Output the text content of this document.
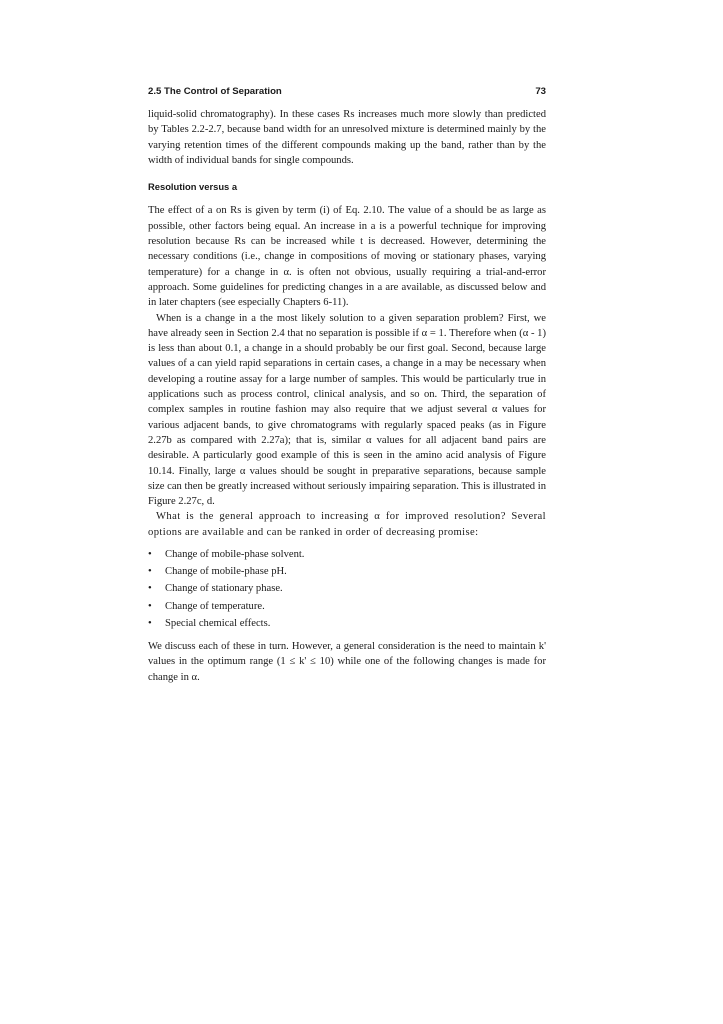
2.5 The Control of Separation	73

liquid-solid chromatography). In these cases Rs increases much more slowly than predicted by Tables 2.2-2.7, because band width for an unresolved mixture is determined mainly by the varying retention times of the different compounds making up the band, rather than by the width of individual bands for single compounds.

Resolution versus a

The effect of a on Rs is given by term (i) of Eq. 2.10. The value of a should be as large as possible, other factors being equal. An increase in a is a powerful technique for improving resolution because Rs can be increased while t is decreased. However, determining the necessary conditions (i.e., change in compositions of moving or stationary phases, varying temperature) for a change in α. is often not obvious, usually requiring a trial-and-error approach. Some guidelines for predicting changes in a are available, as discussed below and in later chapters (see especially Chapters 6-11).

When is a change in a the most likely solution to a given separation problem? First, we have already seen in Section 2.4 that no separation is possible if α = 1. Therefore when (α - 1) is less than about 0.1, a change in a should probably be our first goal. Second, because large values of a can yield rapid separations in certain cases, a change in a may be necessary when developing a routine assay for a large number of samples. This would be particularly true in applications such as process control, clinical analysis, and so on. Third, the separation of complex samples in routine fashion may also require that we adjust several α values for various adjacent bands, to give chromatograms with regularly spaced peaks (as in Figure 2.27b as compared with 2.27a); that is, similar α values for all adjacent band pairs are desirable. A particularly good example of this is seen in the amino acid analysis of Figure 10.14. Finally, large α values should be sought in preparative separations, because sample size can then be greatly increased without seriously impairing separation. This is illustrated in Figure 2.27c, d.

What is the general approach to increasing α for improved resolution? Several options are available and can be ranked in order of decreasing promise:

•	Change of mobile-phase solvent.
•	Change of mobile-phase pH.
•	Change of stationary phase.
•	Change of temperature.
•	Special chemical effects.

We discuss each of these in turn. However, a general consideration is the need to maintain k' values in the optimum range (1 ≤ k' ≤ 10) while one of the following changes is made for change in α.
